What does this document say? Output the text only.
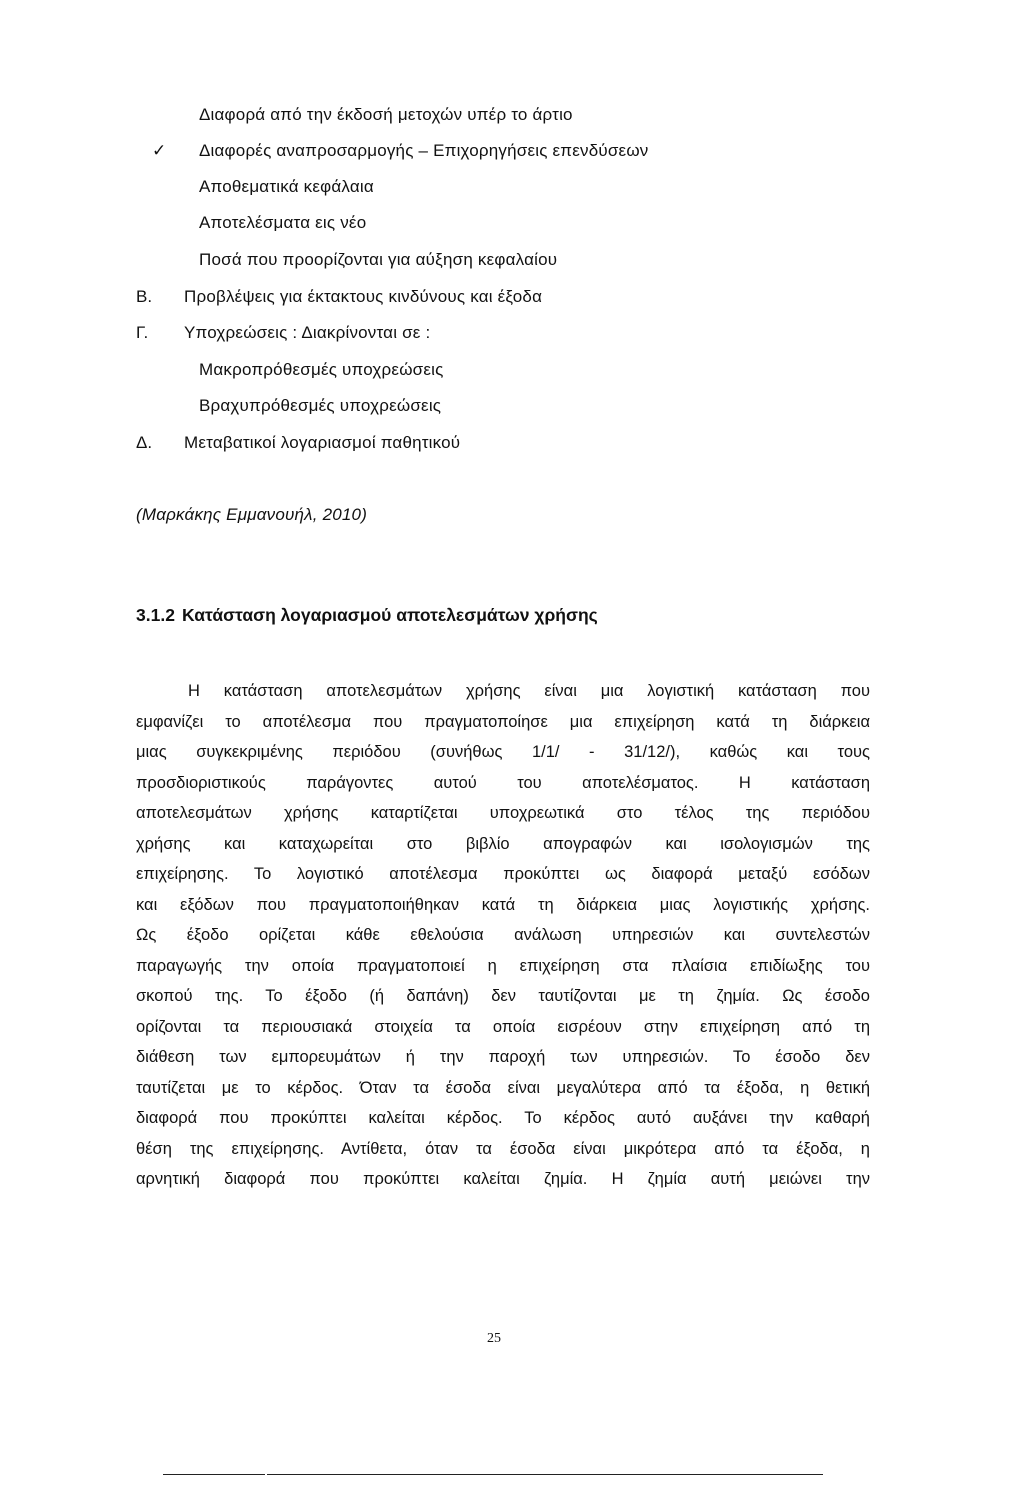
Διαφορά από την έκδοσή μετοχών υπέρ το άρτιο
✓ Διαφορές αναπροσαρμογής – Επιχορηγήσεις επενδύσεων
Αποθεματικά κεφάλαια
Αποτελέσματα εις νέο
Ποσά που προορίζονται για αύξηση κεφαλαίου
Β. Προβλέψεις για έκτακτους κινδύνους και έξοδα
Γ. Υποχρεώσεις : Διακρίνονται σε :
Μακροπρόθεσμές υποχρεώσεις
Βραχυπρόθεσμές υποχρεώσεις
Δ. Μεταβατικοί λογαριασμοί παθητικού
(Μαρκάκης Εμμανουήλ, 2010)
3.1.2 Κατάσταση λογαριασμού αποτελεσμάτων χρήσης
Η κατάσταση αποτελεσμάτων χρήσης είναι μια λογιστική κατάσταση που
εμφανίζει το αποτέλεσμα που πραγματοποίησε μια επιχείρηση κατά τη διάρκεια
μιας συγκεκριμένης περιόδου (συνήθως 1/1/ - 31/12/), καθώς και τους
προσδιοριστικούς παράγοντες αυτού του αποτελέσματος. Η κατάσταση
αποτελεσμάτων χρήσης καταρτίζεται υποχρεωτικά στο τέλος της περιόδου
χρήσης και καταχωρείται στο βιβλίο απογραφών και ισολογισμών της
επιχείρησης. Το λογιστικό αποτέλεσμα προκύπτει ως διαφορά μεταξύ εσόδων
και εξόδων που πραγματοποιήθηκαν κατά τη διάρκεια μιας λογιστικής χρήσης.
Ως έξοδο ορίζεται κάθε εθελούσια ανάλωση υπηρεσιών και συντελεστών
παραγωγής την οποία πραγματοποιεί η επιχείρηση στα πλαίσια επιδίωξης του
σκοπού της. Το έξοδο (ή δαπάνη) δεν ταυτίζονται με τη ζημία. Ως έσοδο
ορίζονται τα περιουσιακά στοιχεία τα οποία εισρέουν στην επιχείρηση από τη
διάθεση των εμπορευμάτων ή την παροχή των υπηρεσιών. Το έσοδο δεν
ταυτίζεται με το κέρδος. Όταν τα έσοδα είναι μεγαλύτερα από τα έξοδα, η θετική
διαφορά που προκύπτει καλείται κέρδος. Το κέρδος αυτό αυξάνει την καθαρή
θέση της επιχείρησης. Αντίθετα, όταν τα έσοδα είναι μικρότερα από τα έξοδα, η
αρνητική διαφορά που προκύπτει καλείται ζημία. Η ζημία αυτή μειώνει την
25
